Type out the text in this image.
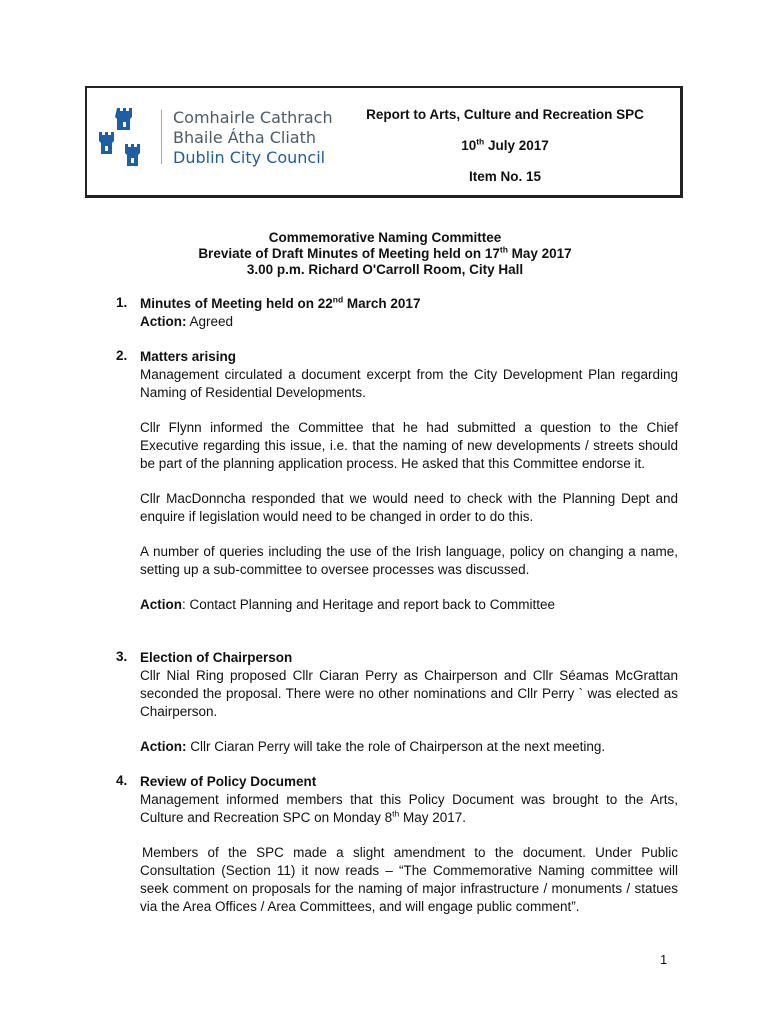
Comhairle Cathrach
Bhaile Átha Cliath
Dublin City Council
Report to Arts, Culture and Recreation SPC
10th July 2017
Item No. 15
Commemorative Naming Committee
Breviate of Draft Minutes of Meeting held on 17th May 2017
3.00 p.m. Richard O'Carroll Room, City Hall
1. Minutes of Meeting held on 22nd March 2017

Action: Agreed

2. Matters arising

Management circulated a document excerpt from the City Development Plan regarding Naming of Residential Developments.

Cllr Flynn informed the Committee that he had submitted a question to the Chief Executive regarding this issue, i.e. that the naming of new developments / streets should be part of the planning application process. He asked that this Committee endorse it.

Cllr MacDonncha responded that we would need to check with the Planning Dept and enquire if legislation would need to be changed in order to do this.

A number of queries including the use of the Irish language, policy on changing a name, setting up a sub-committee to oversee processes was discussed.

Action: Contact Planning and Heritage and report back to Committee

3. Election of Chairperson

Cllr Nial Ring proposed Cllr Ciaran Perry as Chairperson and Cllr Séamas McGrattan seconded the proposal. There were no other nominations and Cllr Perry ` was elected as Chairperson.

Action: Cllr Ciaran Perry will take the role of Chairperson at the next meeting.

4. Review of Policy Document

Management informed members that this Policy Document was brought to the Arts, Culture and Recreation SPC on Monday 8th May 2017.

Members of the SPC made a slight amendment to the document. Under Public Consultation (Section 11) it now reads – “The Commemorative Naming committee will seek comment on proposals for the naming of major infrastructure / monuments / statues via the Area Offices / Area Committees, and will engage public comment”.

1
